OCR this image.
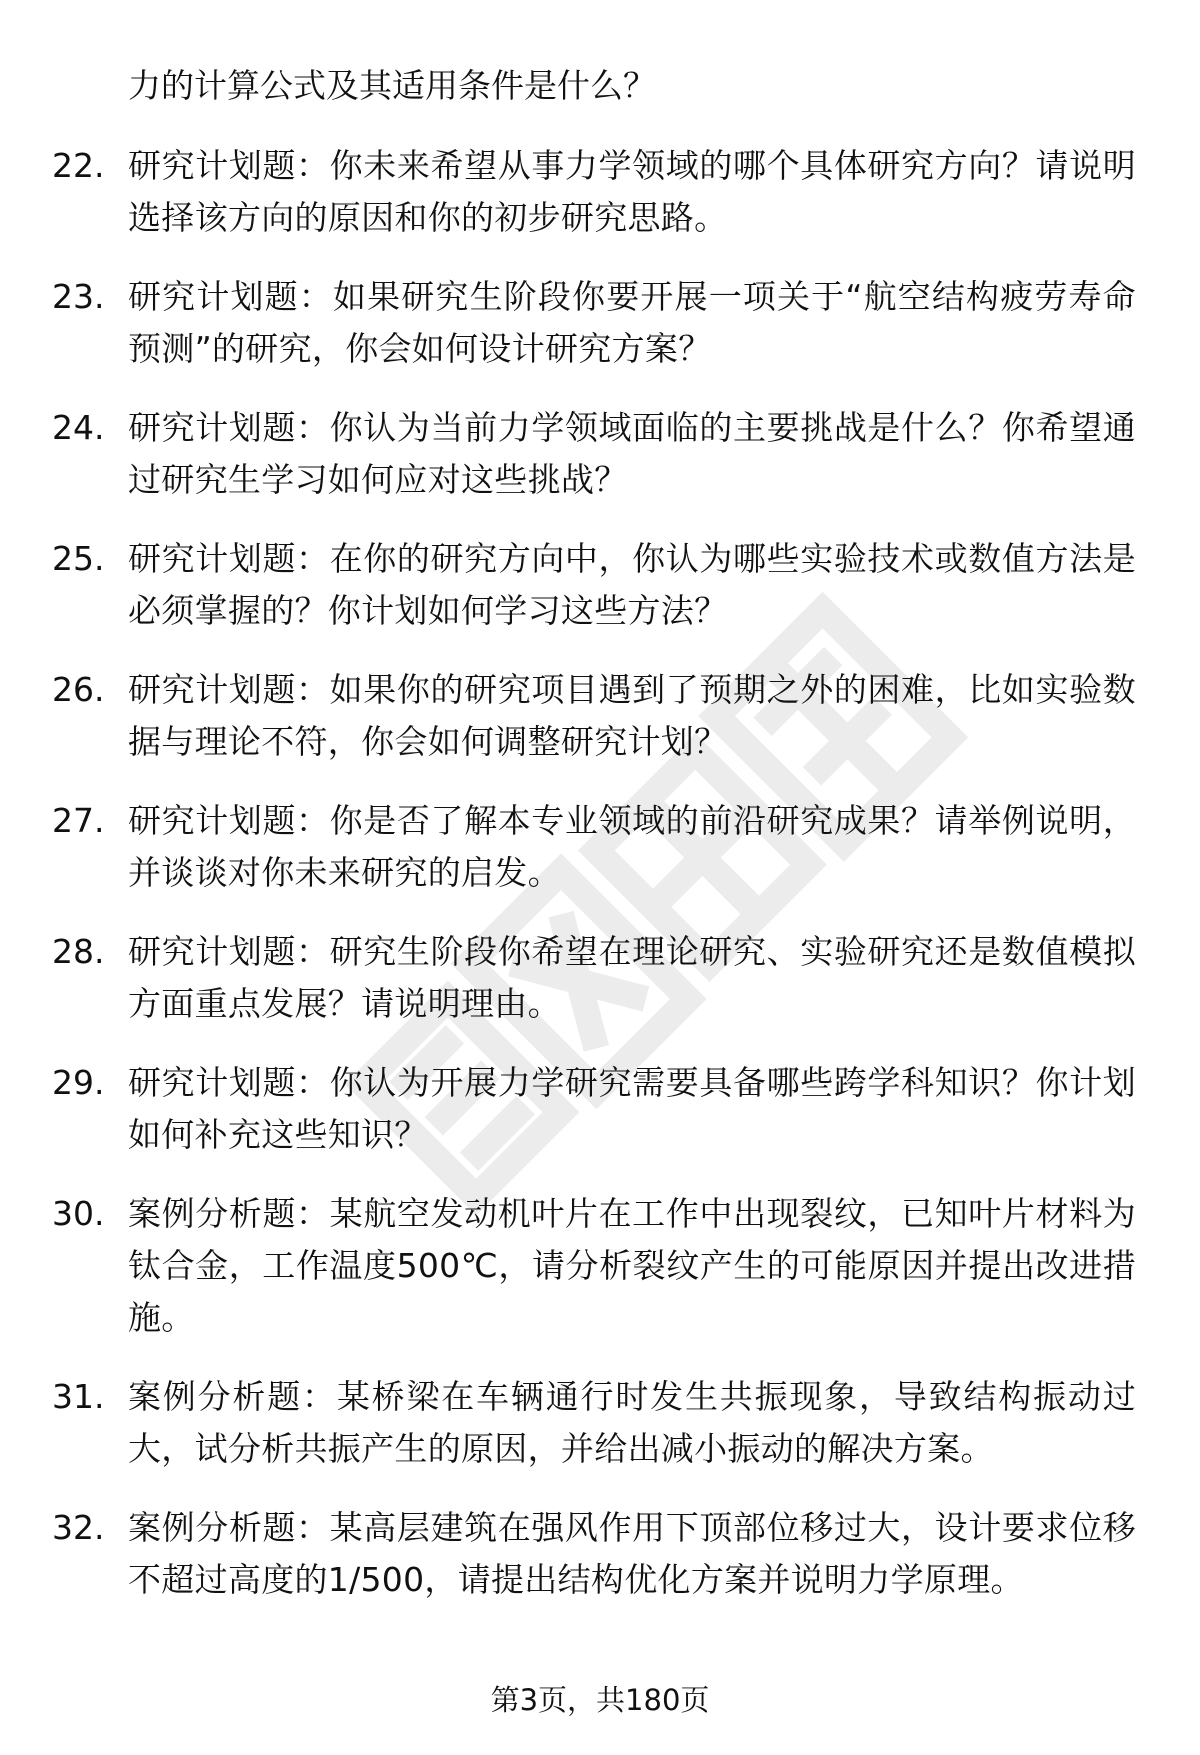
力的计算公式及其适用条件是什么？
22. 研究计划题：你未来希望从事力学领域的哪个具体研究方向？请说明选择该方向的原因和你的初步研究思路。
23. 研究计划题：如果研究生阶段你要开展一项关于“航空结构疲劳寿命预测”的研究，你会如何设计研究方案？
24. 研究计划题：你认为当前力学领域面临的主要挑战是什么？你希望通过研究生学习如何应对这些挑战？
25. 研究计划题：在你的研究方向中，你认为哪些实验技术或数值方法是必须掌握的？你计划如何学习这些方法？
26. 研究计划题：如果你的研究项目遇到了预期之外的困难，比如实验数据与理论不符，你会如何调整研究计划？
27. 研究计划题：你是否了解本专业领域的前沿研究成果？请举例说明，并谈谈对你未来研究的启发。
28. 研究计划题：研究生阶段你希望在理论研究、实验研究还是数值模拟方面重点发展？请说明理由。
29. 研究计划题：你认为开展力学研究需要具备哪些跨学科知识？你计划如何补充这些知识？
30. 案例分析题：某航空发动机叶片在工作中出现裂纹，已知叶片材料为钛合金，工作温度500℃，请分析裂纹产生的可能原因并提出改进措施。
31. 案例分析题：某桥梁在车辆通行时发生共振现象，导致结构振动过大，试分析共振产生的原因，并给出减小振动的解决方案。
32. 案例分析题：某高层建筑在强风作用下顶部位移过大，设计要求位移不超过高度的1/500，请提出结构优化方案并说明力学原理。
第3页，共180页
